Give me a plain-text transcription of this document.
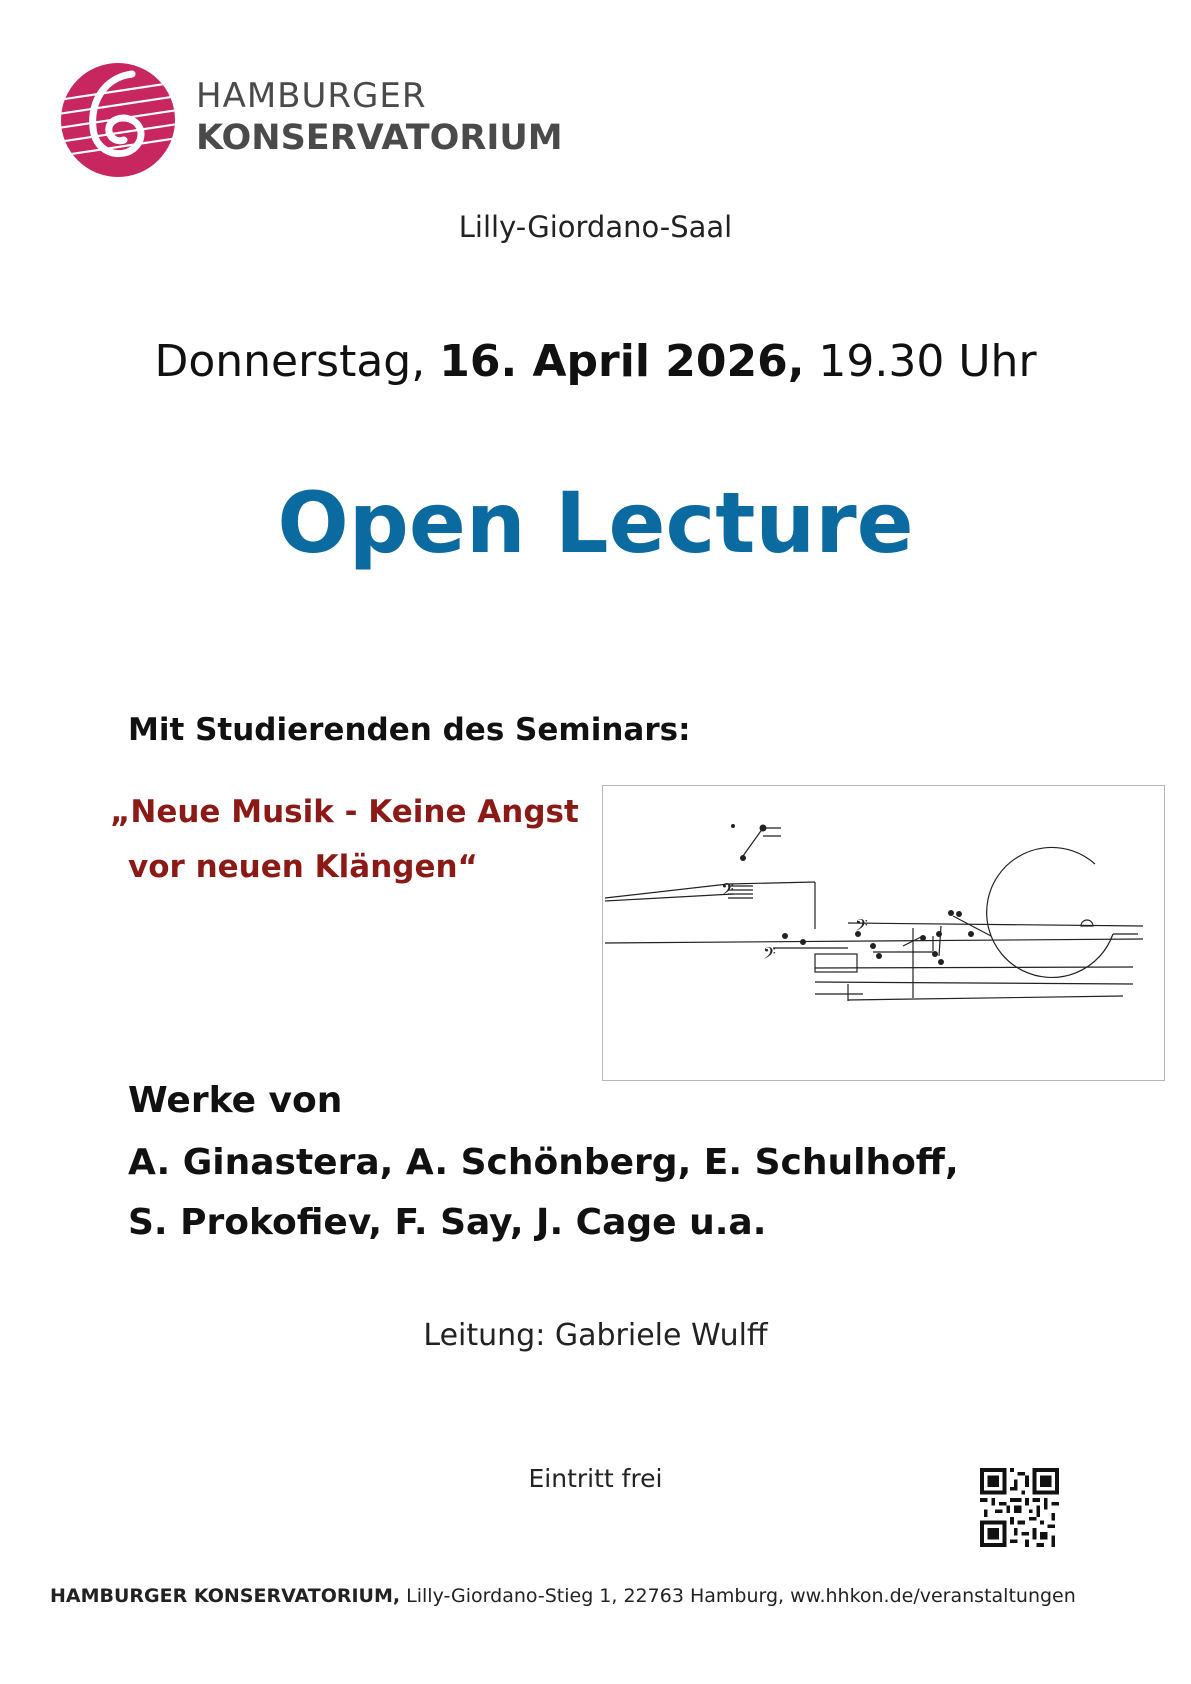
HAMBURGER
KONSERVATORIUM
Lilly-Giordano-Saal
Donnerstag, 16. April 2026, 19.30 Uhr
Open Lecture
Mit Studierenden des Seminars:
„Neue Musik - Keine Angst
vor neuen Klängen“
𝄢
𝄢
𝄢
Werke von
A. Ginastera, A. Schönberg, E. Schulhoff,
S. Prokofiev, F. Say, J. Cage u.a.
Leitung: Gabriele Wulff
Eintritt frei
HAMBURGER KONSERVATORIUM, Lilly-Giordano-Stieg 1, 22763 Hamburg, ww.hhkon.de/veranstaltungen
